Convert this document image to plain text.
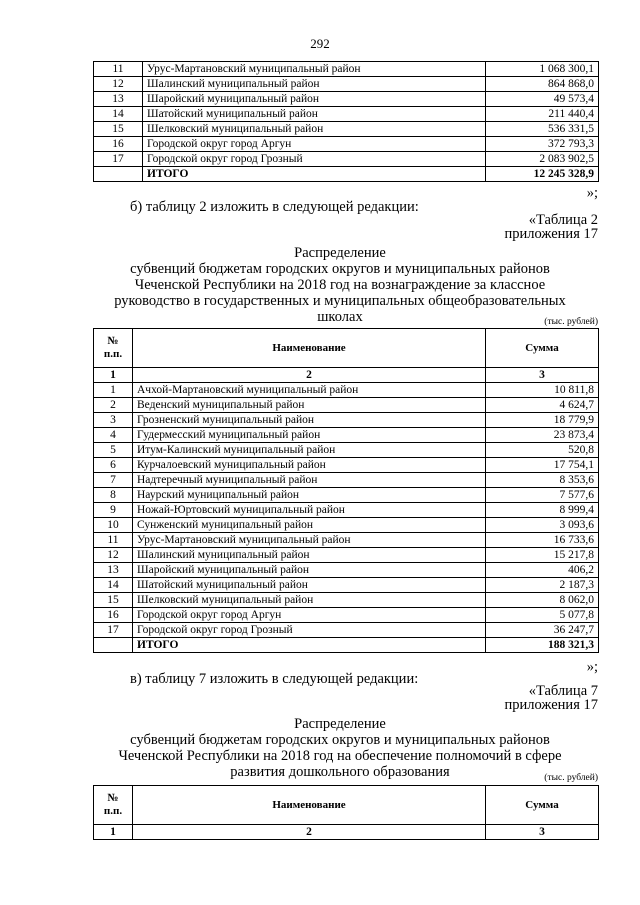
292
11	Урус-Мартановский муниципальный район	1 068 300,1
12	Шалинский муниципальный район	864 868,0
13	Шаройский муниципальный район	49 573,4
14	Шатойский муниципальный район	211 440,4
15	Шелковский муниципальный район	536 331,5
16	Городской округ город Аргун	372 793,3
17	Городской округ город Грозный	2 083 902,5
	ИТОГО	12 245 328,9
»;
б) таблицу 2 изложить в следующей редакции:
«Таблица 2
приложения 17
Распределение
субвенций бюджетам городских округов и муниципальных районов
Чеченской Республики на 2018 год на вознаграждение за классное
руководство в государственных и муниципальных общеобразовательных
школах	(тыс. рублей)
№
п.п.	Наименование	Сумма
1	2	3
1	Ачхой-Мартановский муниципальный район	10 811,8
2	Веденский муниципальный район	4 624,7
3	Грозненский муниципальный район	18 779,9
4	Гудермесский муниципальный район	23 873,4
5	Итум-Калинский муниципальный район	520,8
6	Курчалоевский муниципальный район	17 754,1
7	Надтеречный муниципальный район	8 353,6
8	Наурский муниципальный район	7 577,6
9	Ножай-Юртовский муниципальный район	8 999,4
10	Сунженский муниципальный район	3 093,6
11	Урус-Мартановский муниципальный район	16 733,6
12	Шалинский муниципальный район	15 217,8
13	Шаройский муниципальный район	406,2
14	Шатойский муниципальный район	2 187,3
15	Шелковский муниципальный район	8 062,0
16	Городской округ город Аргун	5 077,8
17	Городской округ город Грозный	36 247,7
	ИТОГО	188 321,3
»;
в) таблицу 7 изложить в следующей редакции:
«Таблица 7
приложения 17
Распределение
субвенций бюджетам городских округов и муниципальных районов
Чеченской Республики на 2018 год на обеспечение полномочий в сфере
развития дошкольного образования	(тыс. рублей)
№
п.п.	Наименование	Сумма
1	2	3
